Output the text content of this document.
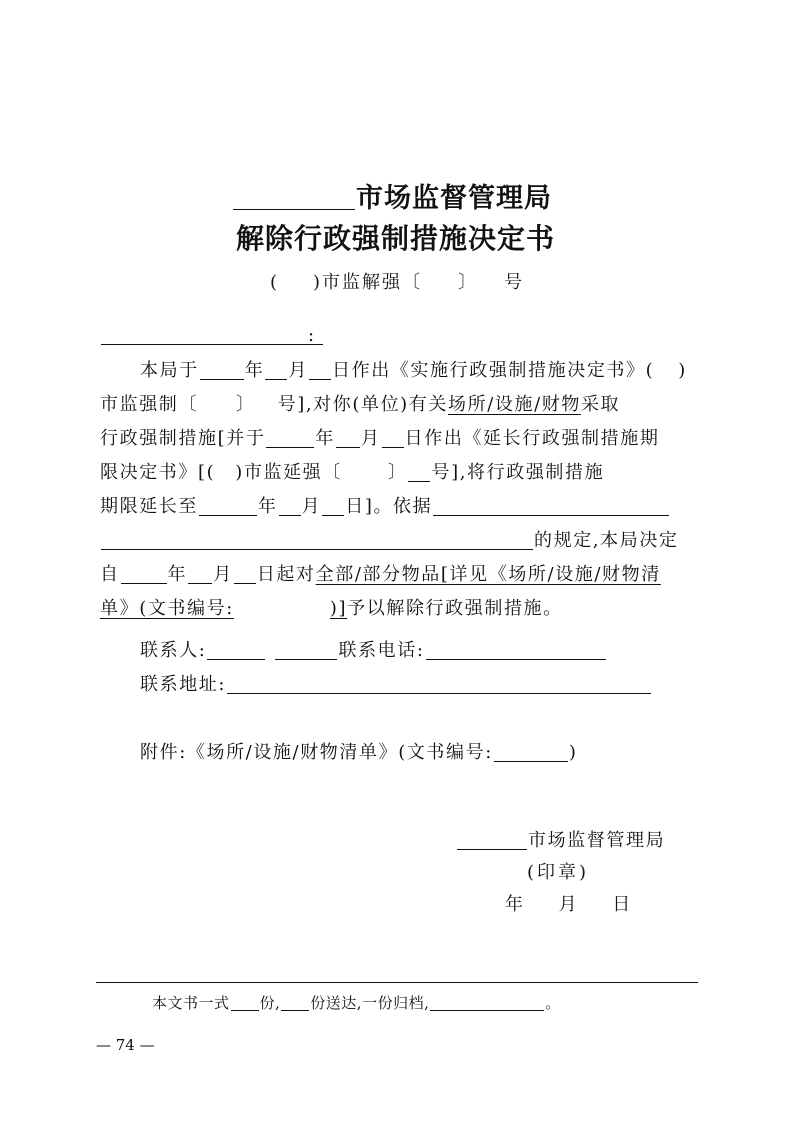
市场监督管理局
解除行政强制措施决定书
( )市监解强〔 〕 号
:
本局于	年 月 日作出《实施行政强制措施决定书》( )
市监强制〔 〕 号],对你(单位)有关场所/设施/财物采取
行政强制措施[并于	年 月 日作出《延长行政强制措施期
限决定书》[( )市监延强〔	〕 号],将行政强制措施
期限延长至	年 月 日]。依据
的规定,本局决定
自	年 月 日起对全部/部分物品[详见《场所/设施/财物清
单》(文书编号:	)]予以解除行政强制措施。
联系人:	联系电话:
联系地址:
附件:《场所/设施/财物清单》(文书编号:	)
市场监督管理局
(印章)
年 月 日
本文书一式 份, 份送达,一份归档,	。
— 74 —
